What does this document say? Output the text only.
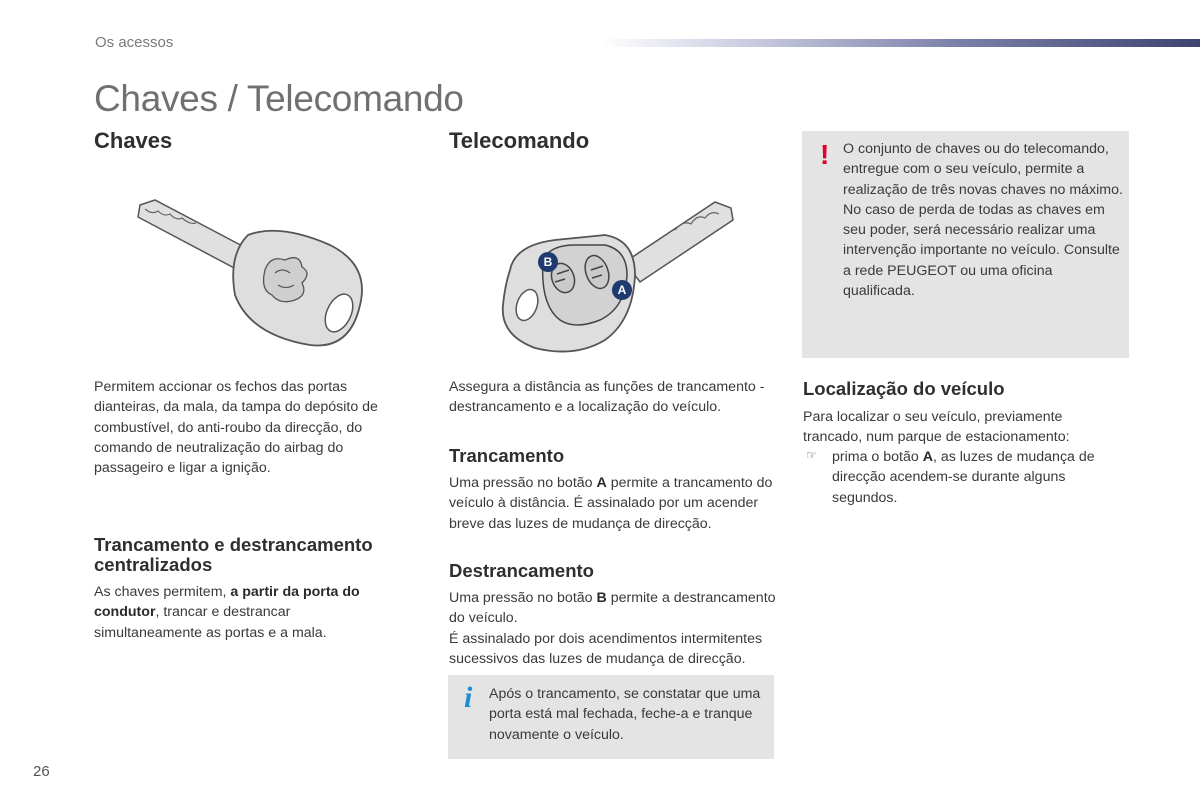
Os acessos
Chaves / Telecomando
Chaves
Permitem accionar os fechos das portas dianteiras, da mala, da tampa do depósito de combustível, do anti-roubo da direcção, do comando de neutralização do airbag do passageiro e ligar a ignição.
Trancamento e destrancamento
centralizados
As chaves permitem, a partir da porta do condutor, trancar e destrancar simultaneamente as portas e a mala.
Telecomando
B
A
Assegura a distância as funções de trancamento - destrancamento e a localização do veículo.
Trancamento
Uma pressão no botão A permite a trancamento do veículo à distância. É assinalado por um acender breve das luzes de mudança de direcção.
Destrancamento
Uma pressão no botão B permite a destrancamento do veículo.
É assinalado por dois acendimentos intermitentes sucessivos das luzes de mudança de direcção.
i Após o trancamento, se constatar que uma porta está mal fechada, feche-a e tranque novamente o veículo.
! O conjunto de chaves ou do telecomando, entregue com o seu veículo, permite a realização de três novas chaves no máximo.
No caso de perda de todas as chaves em seu poder, será necessário realizar uma intervenção importante no veículo. Consulte a rede PEUGEOT ou uma oficina qualificada.
Localização do veículo
Para localizar o seu veículo, previamente trancado, num parque de estacionamento:
☞ prima o botão A, as luzes de mudança de direcção acendem-se durante alguns segundos.
26
